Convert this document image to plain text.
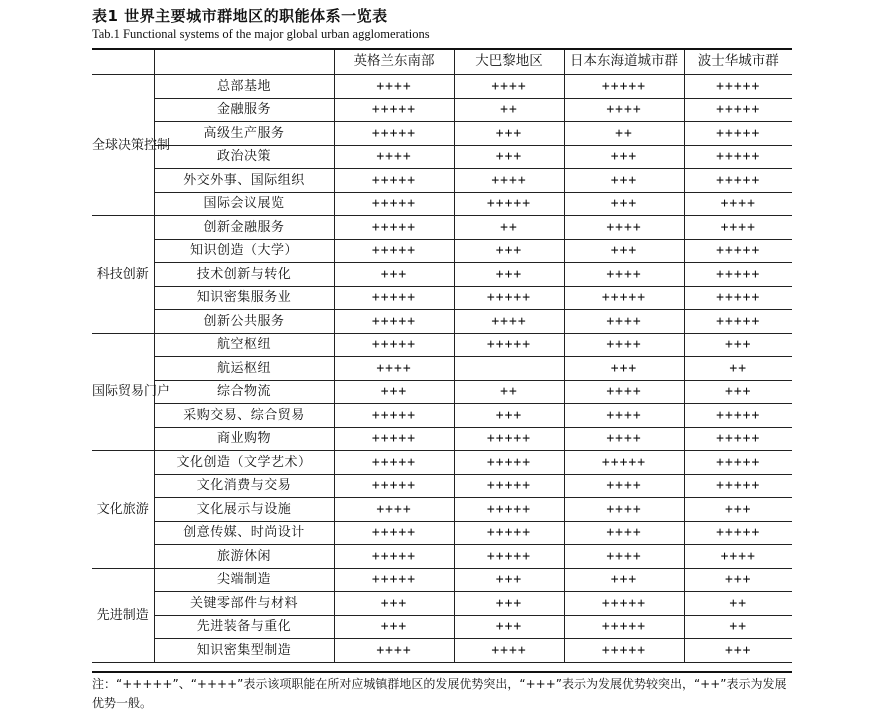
表1 世界主要城市群地区的职能体系一览表
Tab.1 Functional systems of the major global urban agglomerations
		英格兰东南部	大巴黎地区	日本东海道城市群	波士华城市群
全球决策控制	总部基地	++++	++++	+++++	+++++
	金融服务	+++++	++	++++	+++++
	高级生产服务	+++++	+++	++	+++++
	政治决策	++++	+++	+++	+++++
	外交外事、国际组织	+++++	++++	+++	+++++
	国际会议展览	+++++	+++++	+++	++++
科技创新	创新金融服务	+++++	++	++++	++++
	知识创造（大学）	+++++	+++	+++	+++++
	技术创新与转化	+++	+++	++++	+++++
	知识密集服务业	+++++	+++++	+++++	+++++
	创新公共服务	+++++	++++	++++	+++++
国际贸易门户	航空枢纽	+++++	+++++	++++	+++
	航运枢纽	++++		+++	++
	综合物流	+++	++	++++	+++
	采购交易、综合贸易	+++++	+++	++++	+++++
	商业购物	+++++	+++++	++++	+++++
文化旅游	文化创造（文学艺术）	+++++	+++++	+++++	+++++
	文化消费与交易	+++++	+++++	++++	+++++
	文化展示与设施	++++	+++++	++++	+++
	创意传媒、时尚设计	+++++	+++++	++++	+++++
	旅游休闲	+++++	+++++	++++	++++
先进制造	尖端制造	+++++	+++	+++	+++
	关键零部件与材料	+++	+++	+++++	++
	先进装备与重化	+++	+++	+++++	++
	知识密集型制造	++++	++++	+++++	+++
注：“+++++”、“++++”表示该项职能在所对应城镇群地区的发展优势突出，“+++”表示为发展优势较突出，“++”表示为发展优势一般。
